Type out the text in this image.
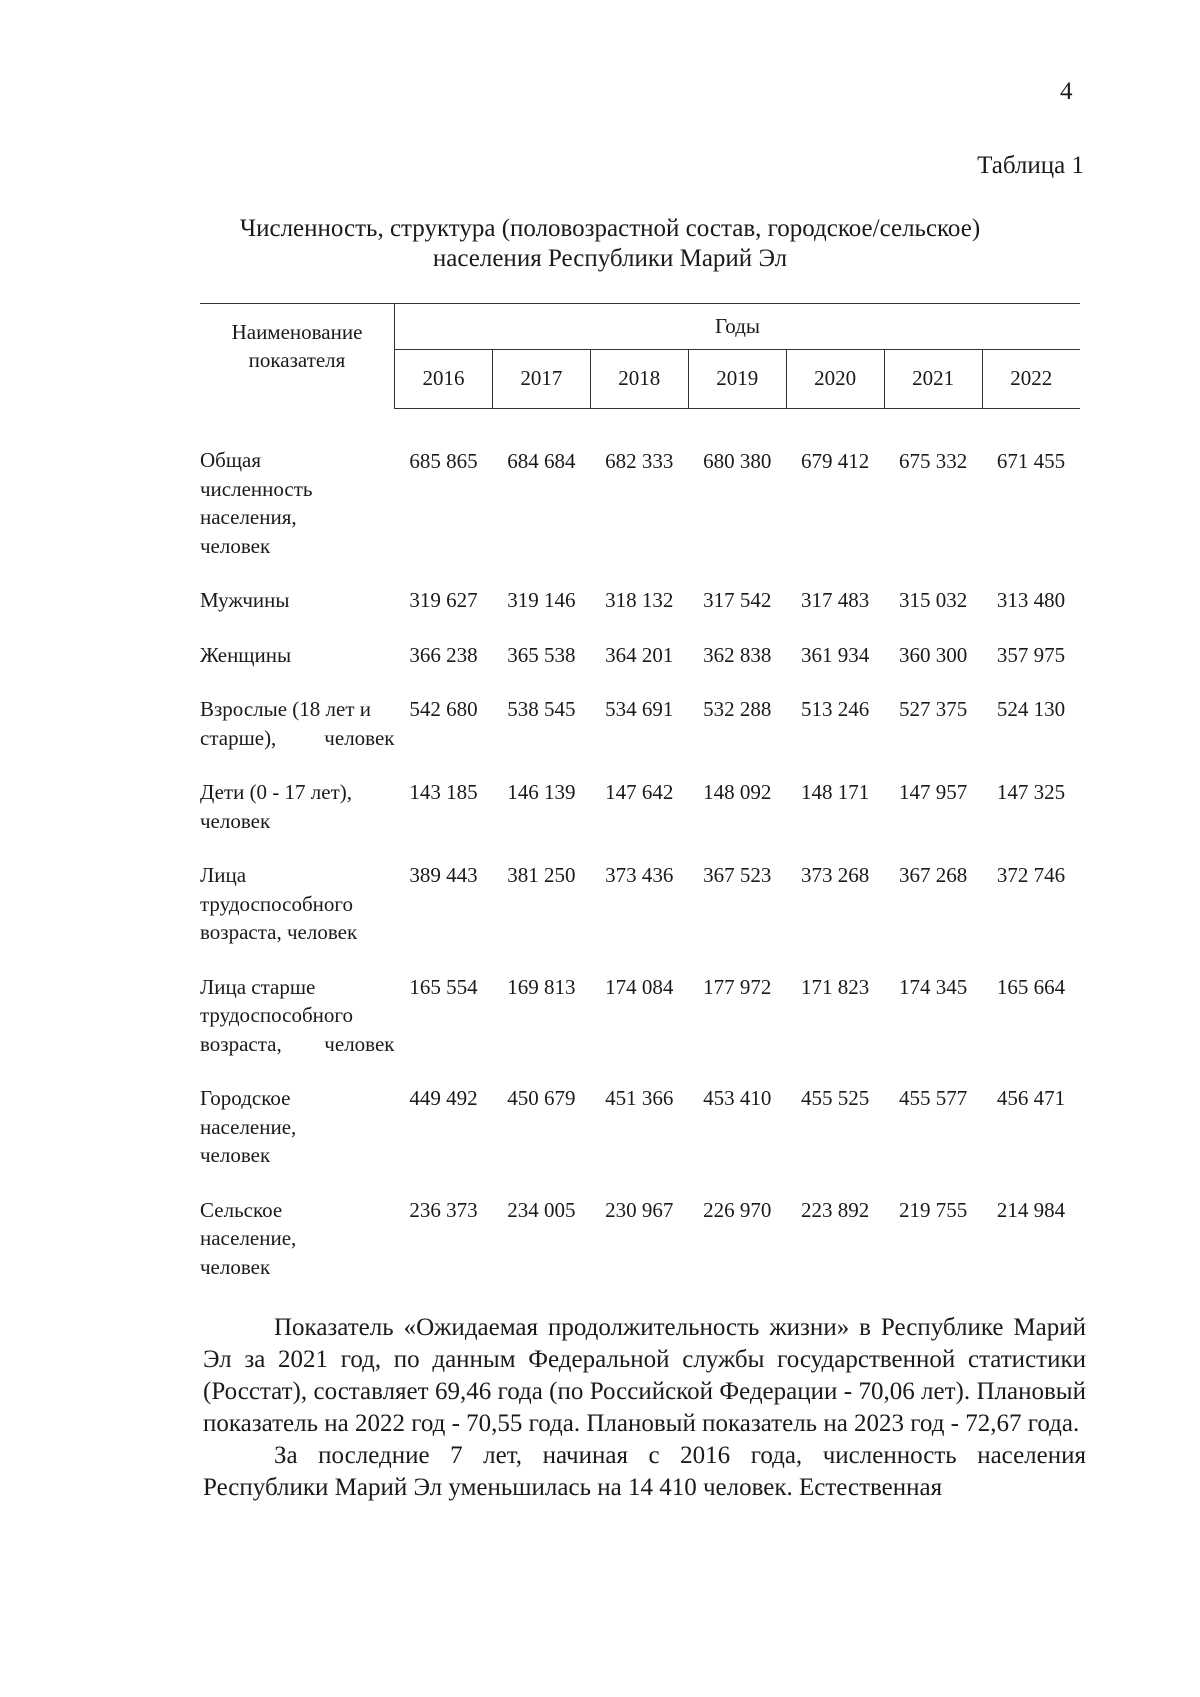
4
Таблица 1
Численность, структура (половозрастной состав, городское/сельское)
населения Республики Марий Эл
Наименование показателя	Годы						
	2016	2017	2018	2019	2020	2021	2022
Общая численность населения, человек	685 865	684 684	682 333	680 380	679 412	675 332	671 455
Мужчины	319 627	319 146	318 132	317 542	317 483	315 032	313 480
Женщины	366 238	365 538	364 201	362 838	361 934	360 300	357 975
Взрослые (18 лет и старше), человек	542 680	538 545	534 691	532 288	513 246	527 375	524 130
Дети (0 - 17 лет), человек	143 185	146 139	147 642	148 092	148 171	147 957	147 325
Лица трудоспособного возраста, человек	389 443	381 250	373 436	367 523	373 268	367 268	372 746
Лица старше трудоспособного возраста, человек	165 554	169 813	174 084	177 972	171 823	174 345	165 664
Городское население, человек	449 492	450 679	451 366	453 410	455 525	455 577	456 471
Сельское население, человек	236 373	234 005	230 967	226 970	223 892	219 755	214 984

Показатель «Ожидаемая продолжительность жизни» в Республике Марий Эл за 2021 год, по данным Федеральной службы государственной статистики (Росстат), составляет 69,46 года (по Российской Федерации - 70,06 лет). Плановый показатель на 2022 год - 70,55 года. Плановый показатель на 2023 год - 72,67 года.

За последние 7 лет, начиная с 2016 года, численность населения Республики Марий Эл уменьшилась на 14 410 человек. Естественная
